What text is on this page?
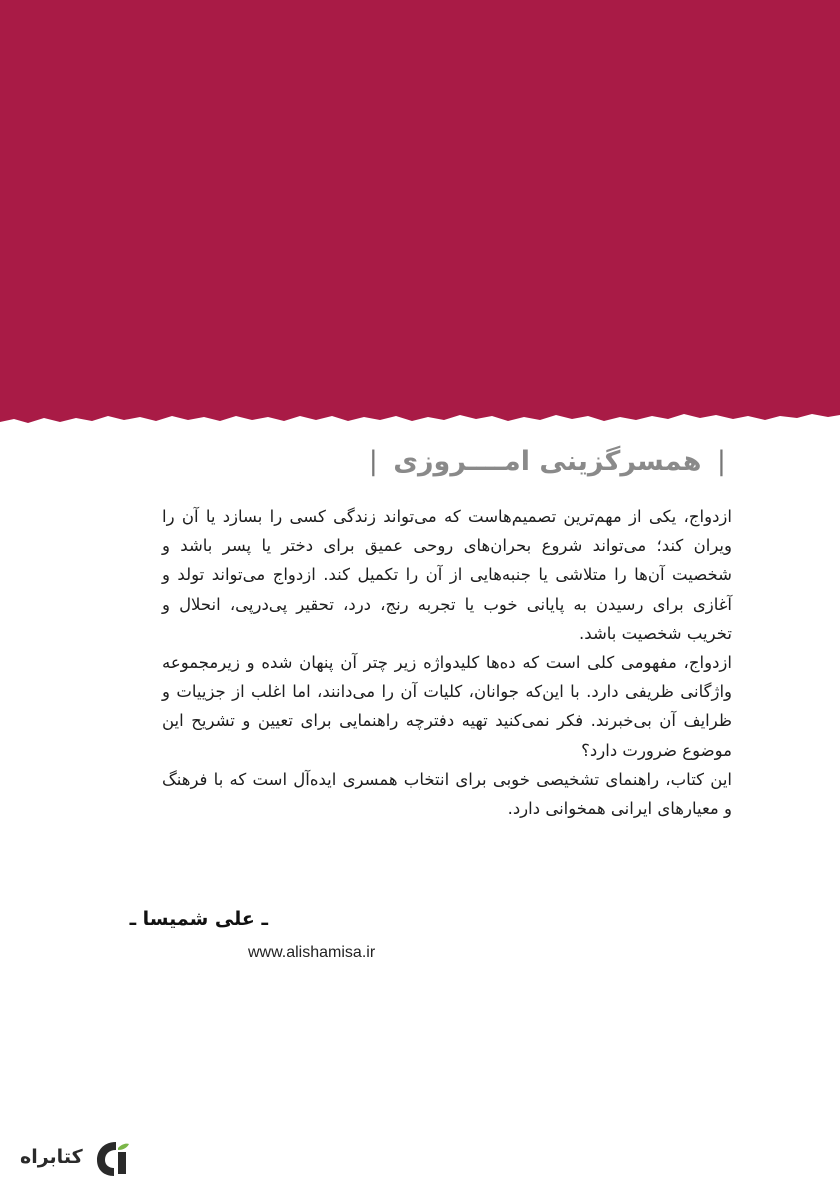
| همسرگزینی امــــروزی |

ازدواج، یکی از مهم‌ترین تصمیم‌هاست که می‌تواند زندگی کسی را بسازد یا آن را ویران کند؛ می‌تواند شروع بحران‌های روحی عمیق برای دختر یا پسر باشد و شخصیت آن‌ها را متلاشی یا جنبه‌هایی از آن را تکمیل کند. ازدواج می‌تواند تولد و آغازی برای رسیدن به پایانی خوب یا تجربه رنج، درد، تحقیر پی‌درپی، انحلال و تخریب شخصیت باشد.

ازدواج، مفهومی کلی است که ده‌ها کلیدواژه زیر چتر آن پنهان شده و زیرمجموعه واژگانی ظریفی دارد. با این‌که جوانان، کلیات آن را می‌دانند، اما اغلب از جزییات و ظرایف آن بی‌خبرند. فکر نمی‌کنید تهیه دفترچه راهنمایی برای تعیین و تشریح این موضوع ضرورت دارد؟

این کتاب، راهنمای تشخیصی خوبی برای انتخاب همسری ایده‌آل است که با فرهنگ و معیارهای ایرانی همخوانی دارد.

ـ علی شمیسا ـ
www.alishamisa.ir
کتابراه
